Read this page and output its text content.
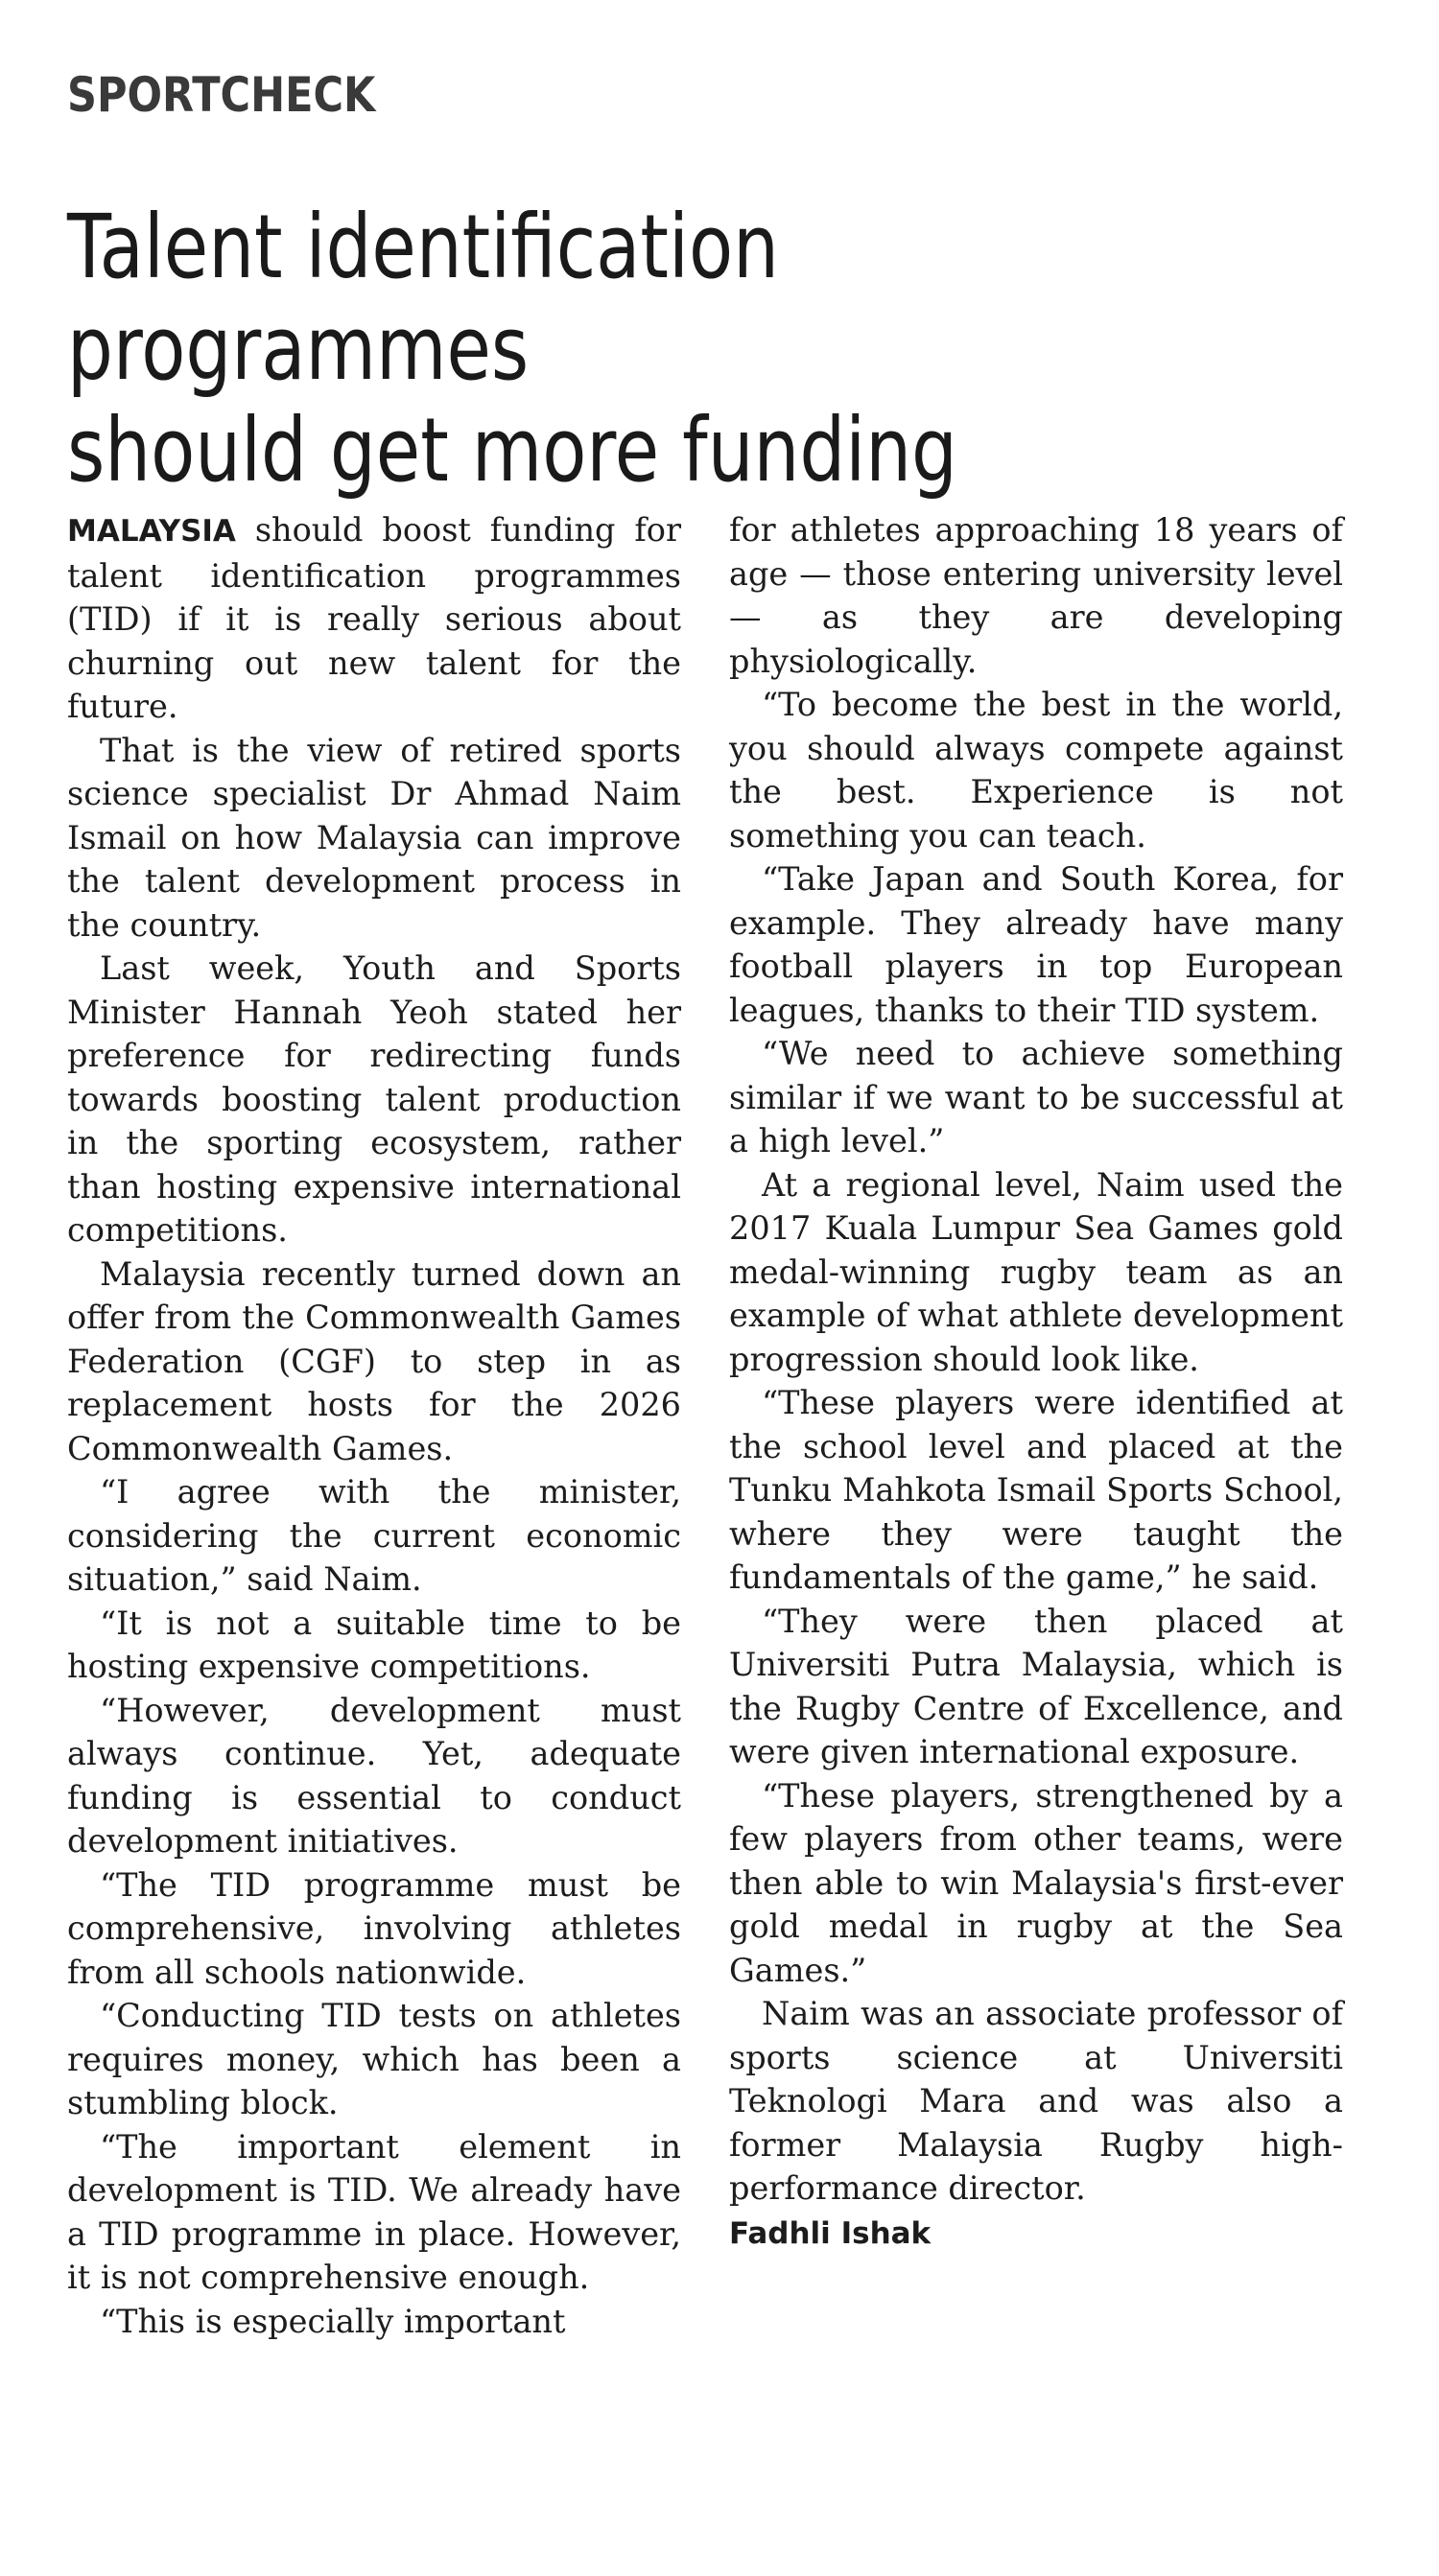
SPORTCHECK
Talent identification programmes
should get more funding

MALAYSIA should boost funding for talent identification programmes (TID) if it is really serious about churning out new talent for the future.

That is the view of retired sports science specialist Dr Ahmad Naim Ismail on how Malaysia can improve the talent development process in the country.

Last week, Youth and Sports Minister Hannah Yeoh stated her preference for redirecting funds towards boosting talent production in the sporting ecosystem, rather than hosting expensive international competitions.

Malaysia recently turned down an offer from the Commonwealth Games Federation (CGF) to step in as replacement hosts for the 2026 Commonwealth Games.

“I agree with the minister, considering the current economic situation,” said Naim.

“It is not a suitable time to be hosting expensive competitions.

“However, development must always continue. Yet, adequate funding is essential to conduct development initiatives.

“The TID programme must be comprehensive, involving athletes from all schools nationwide.

“Conducting TID tests on athletes requires money, which has been a stumbling block.

“The important element in development is TID. We already have a TID programme in place. However, it is not comprehensive enough.

“This is especially important

for athletes approaching 18 years of age — those entering university level — as they are developing physiologically.

“To become the best in the world, you should always compete against the best. Experience is not something you can teach.

“Take Japan and South Korea, for example. They already have many football players in top European leagues, thanks to their TID system.

“We need to achieve something similar if we want to be successful at a high level.”

At a regional level, Naim used the 2017 Kuala Lumpur Sea Games gold medal-winning rugby team as an example of what athlete development progression should look like.

“These players were identified at the school level and placed at the Tunku Mahkota Ismail Sports School, where they were taught the fundamentals of the game,” he said.

“They were then placed at Universiti Putra Malaysia, which is the Rugby Centre of Excellence, and were given international exposure.

“These players, strengthened by a few players from other teams, were then able to win Malaysia's first-ever gold medal in rugby at the Sea Games.”

Naim was an associate professor of sports science at Universiti Teknologi Mara and was also a former Malaysia Rugby high-performance director.

Fadhli Ishak
